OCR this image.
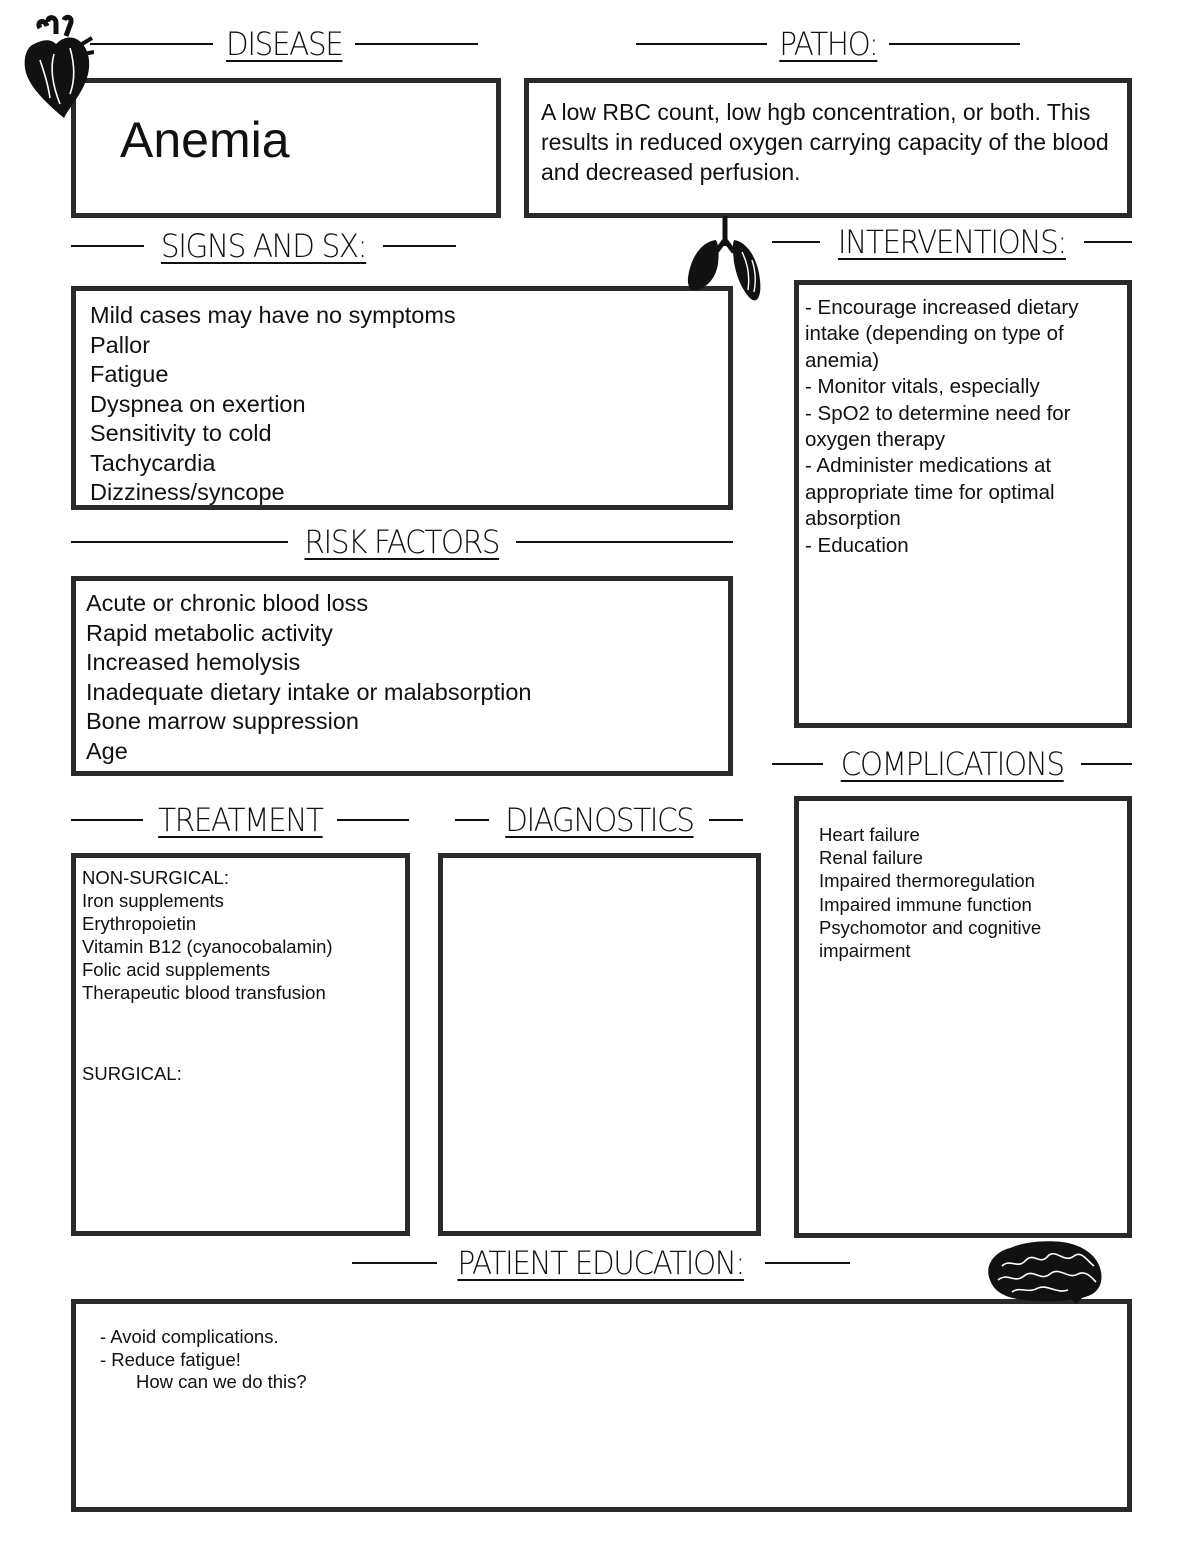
DISEASE
Anemia
PATHO:
A low RBC count, low hgb concentration, or both. This results in reduced oxygen carrying capacity of the blood and decreased perfusion.
SIGNS AND SX:
Mild cases may have no symptoms
Pallor
Fatigue
Dyspnea on exertion
Sensitivity to cold
Tachycardia
Dizziness/syncope
INTERVENTIONS:
- Encourage increased dietary intake (depending on type of anemia)
- Monitor vitals, especially
- SpO2 to determine need for oxygen therapy
- Administer medications at appropriate time for optimal absorption
- Education
RISK FACTORS
Acute or chronic blood loss
Rapid metabolic activity
Increased hemolysis
Inadequate dietary intake or malabsorption
Bone marrow suppression
Age	COMPLICATIONS
Heart failure
Renal failure
Impaired thermoregulation
Impaired immune function
Psychomotor and cognitive impairment
TREATMENT
NON-SURGICAL:
Iron supplements
Erythropoietin
Vitamin B12 (cyanocobalamin)
Folic acid supplements
Therapeutic blood transfusion
SURGICAL:
DIAGNOSTICS
PATIENT EDUCATION:
- Avoid complications.
- Reduce fatigue!
How can we do this?
